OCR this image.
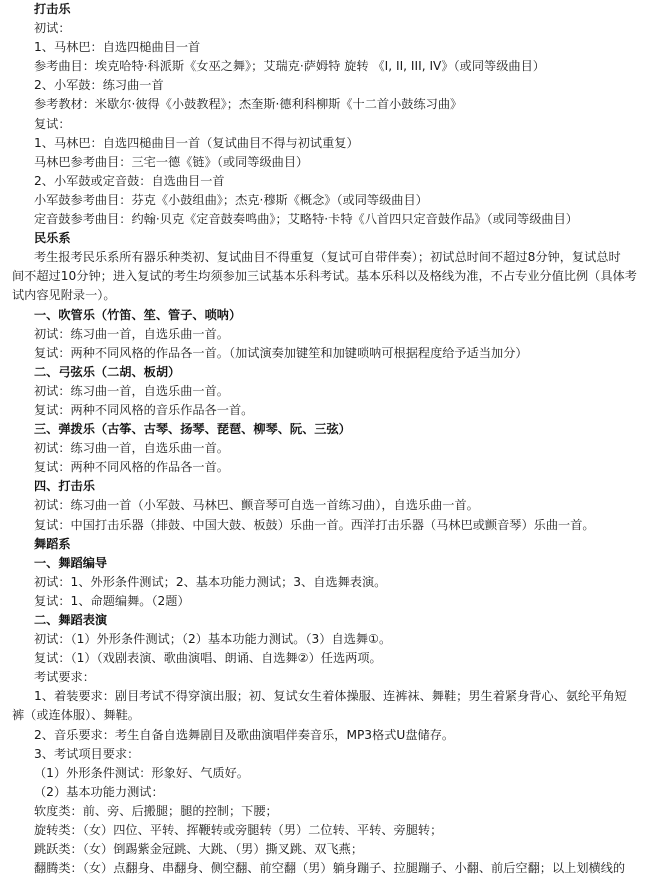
打击乐
初试：
1、马林巴：自选四槌曲目一首
参考曲目：埃克哈特·科派斯《女巫之舞》；艾瑞克·萨姆特 旋转 《I, II, III, IV》（或同等级曲目）
2、小军鼓：练习曲一首
参考教材：米歇尔·彼得《小鼓教程》；杰奎斯·德利科柳斯《十二首小鼓练习曲》
复试：
1、马林巴：自选四槌曲目一首（复试曲目不得与初试重复）
马林巴参考曲目：三宅一德《链》（或同等级曲目）
2、小军鼓或定音鼓：自选曲目一首
小军鼓参考曲目：芬克《小鼓组曲》；杰克·穆斯《概念》（或同等级曲目）
定音鼓参考曲目：约翰·贝克《定音鼓奏鸣曲》；艾略特·卡特《八首四只定音鼓作品》（或同等级曲目）
民乐系
考生报考民乐系所有器乐种类初、复试曲目不得重复（复试可自带伴奏）；初试总时间不超过8分钟，复试总时
间不超过10分钟；进入复试的考生均须参加三试基本乐科考试。基本乐科以及格线为准，不占专业分值比例（具体考
试内容见附录一）。
一、吹管乐（竹笛、笙、管子、唢呐）
初试：练习曲一首，自选乐曲一首。
复试：两种不同风格的作品各一首。（加试演奏加键笙和加键唢呐可根据程度给予适当加分）
二、弓弦乐（二胡、板胡）
初试：练习曲一首，自选乐曲一首。
复试：两种不同风格的音乐作品各一首。
三、弹拨乐（古筝、古琴、扬琴、琵琶、柳琴、阮、三弦）
初试：练习曲一首，自选乐曲一首。
复试：两种不同风格的作品各一首。
四、打击乐
初试：练习曲一首（小军鼓、马林巴、颤音琴可自选一首练习曲），自选乐曲一首。
复试：中国打击乐器（排鼓、中国大鼓、板鼓）乐曲一首。西洋打击乐器（马林巴或颤音琴）乐曲一首。
舞蹈系
一、舞蹈编导
初试：1、外形条件测试；2、基本功能力测试；3、自选舞表演。
复试：1、命题编舞。（2题）
二、舞蹈表演
初试：（1）外形条件测试；（2）基本功能力测试。（3）自选舞①。
复试：（1）（戏剧表演、歌曲演唱、朗诵、自选舞②）任选两项。
考试要求：
1、着装要求：剧目考试不得穿演出服；初、复试女生着体操服、连裤袜、舞鞋；男生着紧身背心、氨纶平角短
裤（或连体服）、舞鞋。
2、音乐要求：考生自备自选舞剧目及歌曲演唱伴奏音乐，MP3格式U盘储存。
3、考试项目要求：
（1）外形条件测试：形象好、气质好。
（2）基本功能力测试：
软度类：前、旁、后搬腿；腿的控制；下腰；
旋转类：（女）四位、平转、挥鞭转或旁腿转（男）二位转、平转、旁腿转；
跳跃类：（女）倒踢紫金冠跳、大跳、（男）撕叉跳、双飞燕；
翻腾类：（女）点翻身、串翻身、侧空翻、前空翻（男）躺身蹦子、拉腿蹦子、小翻、前后空翻；以上划横线的
